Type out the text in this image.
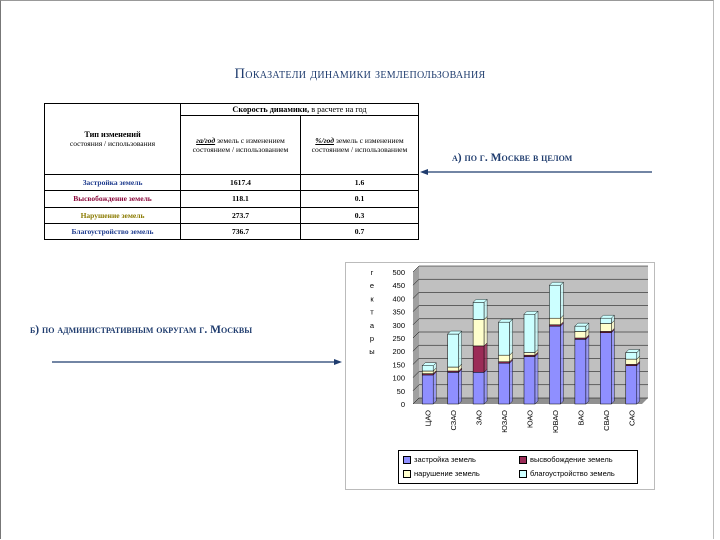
Показатели динамики землепользования
Тип изменений
состояния / использования	Скорость динамики, в расчете на год	
	га/год земель с изменением состоянием / использованием	%/год земель с изменением состоянием / использованием
Застройка земель	1617.4	1.6
Высвобождение земель	118.1	0.1
Нарушение земель	273.7	0.3
Благоустройство земель	736.7	0.7
а) по г. Москве в целом
б) по административным округам г. Москвы
0
50
100
150
200
250
300
350
400
450
500
г
е
к
т
а
р
ы
ЦАО СЗАО ЗАО ЮЗАО ЮАО ЮВАО ВАО СВАО САО
застройка земель	высвобождение земель
нарушение земель	благоустройство земель
